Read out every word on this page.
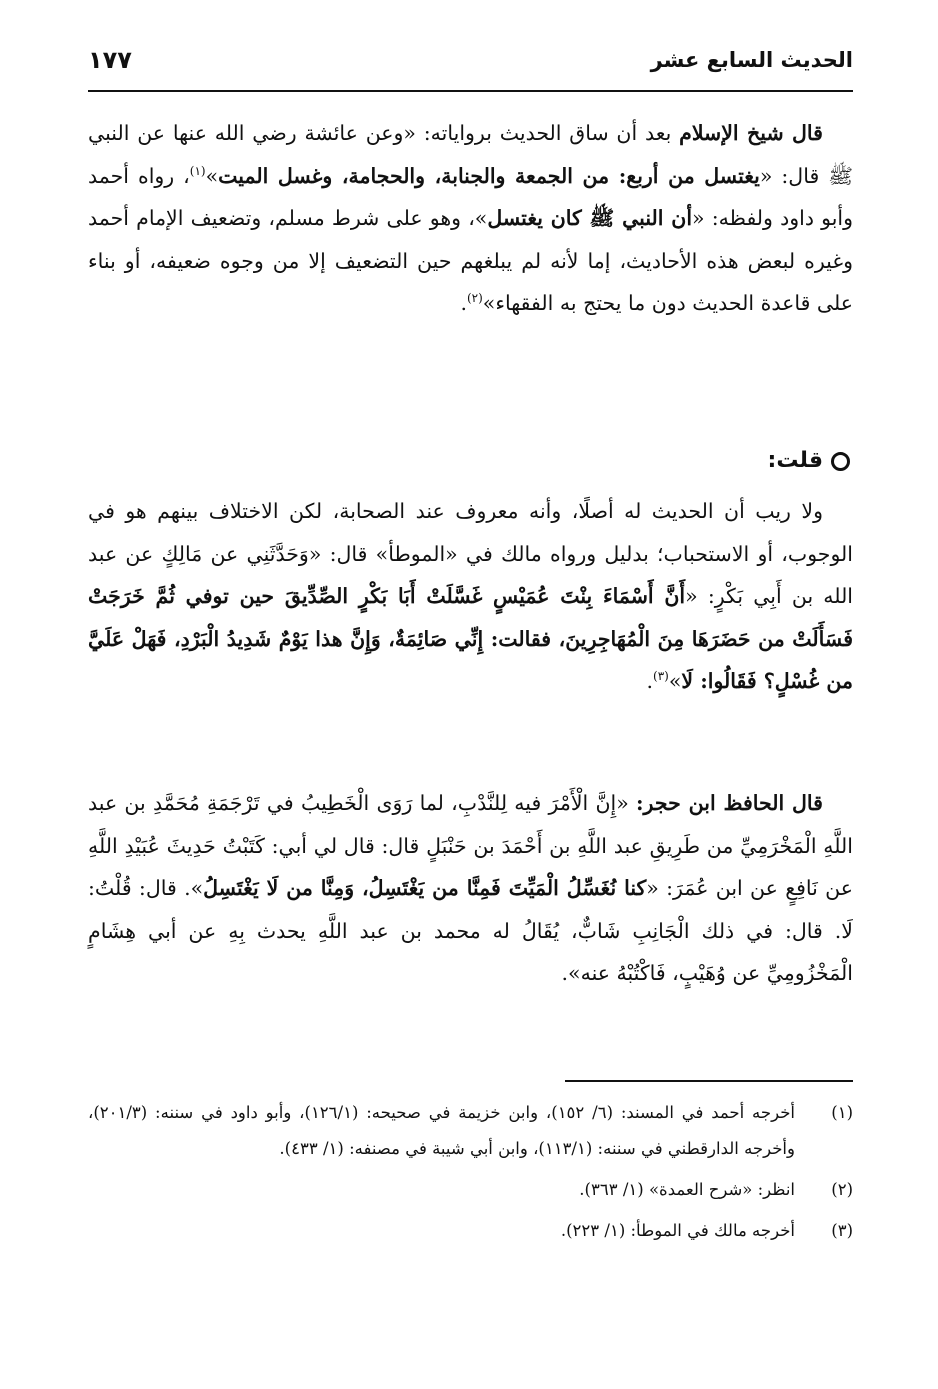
الحديث السابع عشر
١٧٧

قال شيخ الإسلام بعد أن ساق الحديث برواياته: «وعن عائشة رضي الله عنها عن النبي ﷺ قال: «يغتسل من أربع: من الجمعة والجنابة، والحجامة، وغسل الميت»$^{(١)}$، رواه أحمد وأبو داود ولفظه: «أن النبي ﷺ كان يغتسل»، وهو على شرط مسلم، وتضعيف الإمام أحمد وغيره لبعض هذه الأحاديث، إما لأنه لم يبلغهم حين التضعيف إلا من وجوه ضعيفه، أو بناء على قاعدة الحديث دون ما يحتج به الفقهاء»$^{(٢)}$.

قلت:

ولا ريب أن الحديث له أصلًا، وأنه معروف عند الصحابة، لكن الاختلاف بينهم هو في الوجوب، أو الاستحباب؛ بدليل ورواه مالك في «الموطأ» قال: «وَحَدَّثَنِي عن مَالِكٍ عن عبد الله بن أَبِي بَكْرٍ: «أَنَّ أَسْمَاءَ بِنْتَ عُمَيْسٍ غَسَّلَتْ أَبَا بَكْرٍ الصِّدِّيقَ حين توفي ثُمَّ خَرَجَتْ فَسَأَلَتْ من حَضَرَهَا مِنَ الْمُهَاجِرِينَ، فقالت: إِنِّي صَائِمَةٌ، وَإِنَّ هذا يَوْمٌ شَدِيدُ الْبَرْدِ، فَهَلْ عَلَيَّ من غُسْلٍ؟ فَقَالُوا: لَا»$^{(٣)}$.

قال الحافظ ابن حجر: «إِنَّ الْأَمْرَ فيه لِلنَّدْبِ، لما رَوَى الْخَطِيبُ في تَرْجَمَةِ مُحَمَّدِ بن عبد اللَّهِ الْمَخْرَمِيِّ من طَرِيقِ عبد اللَّهِ بن أَحْمَدَ بن حَنْبَلٍ قال: قال لي أبي: كَتَبْتُ حَدِيثَ عُبَيْدِ اللَّهِ عن نَافِعٍ عن ابن عُمَرَ: «كنا نُغَسِّلُ الْمَيِّتَ فَمِنَّا من يَغْتَسِلُ، وَمِنَّا من لَا يَغْتَسِلُ». قال: قُلْتُ: لَا. قال: في ذلك الْجَانِبِ شَابٌّ، يُقَالُ له محمد بن عبد اللَّهِ يحدث بِهِ عن أبي هِشَامٍ الْمَخْزُومِيِّ عن وُهَيْبٍ، فَاكْتُبْهُ عنه».

(١)
أخرجه أحمد في المسند: (٦/ ١٥٢)، وابن خزيمة في صحيحه: (١٢٦/١)، وأبو داود في سننه: (٢٠١/٣)، وأخرجه الدارقطني في سننه: (١١٣/١)، وابن أبي شيبة في مصنفه: (١/ ٤٣٣).
(٢)
انظر: «شرح العمدة» (١/ ٣٦٣).
(٣)
أخرجه مالك في الموطأ: (١/ ٢٢٣).
